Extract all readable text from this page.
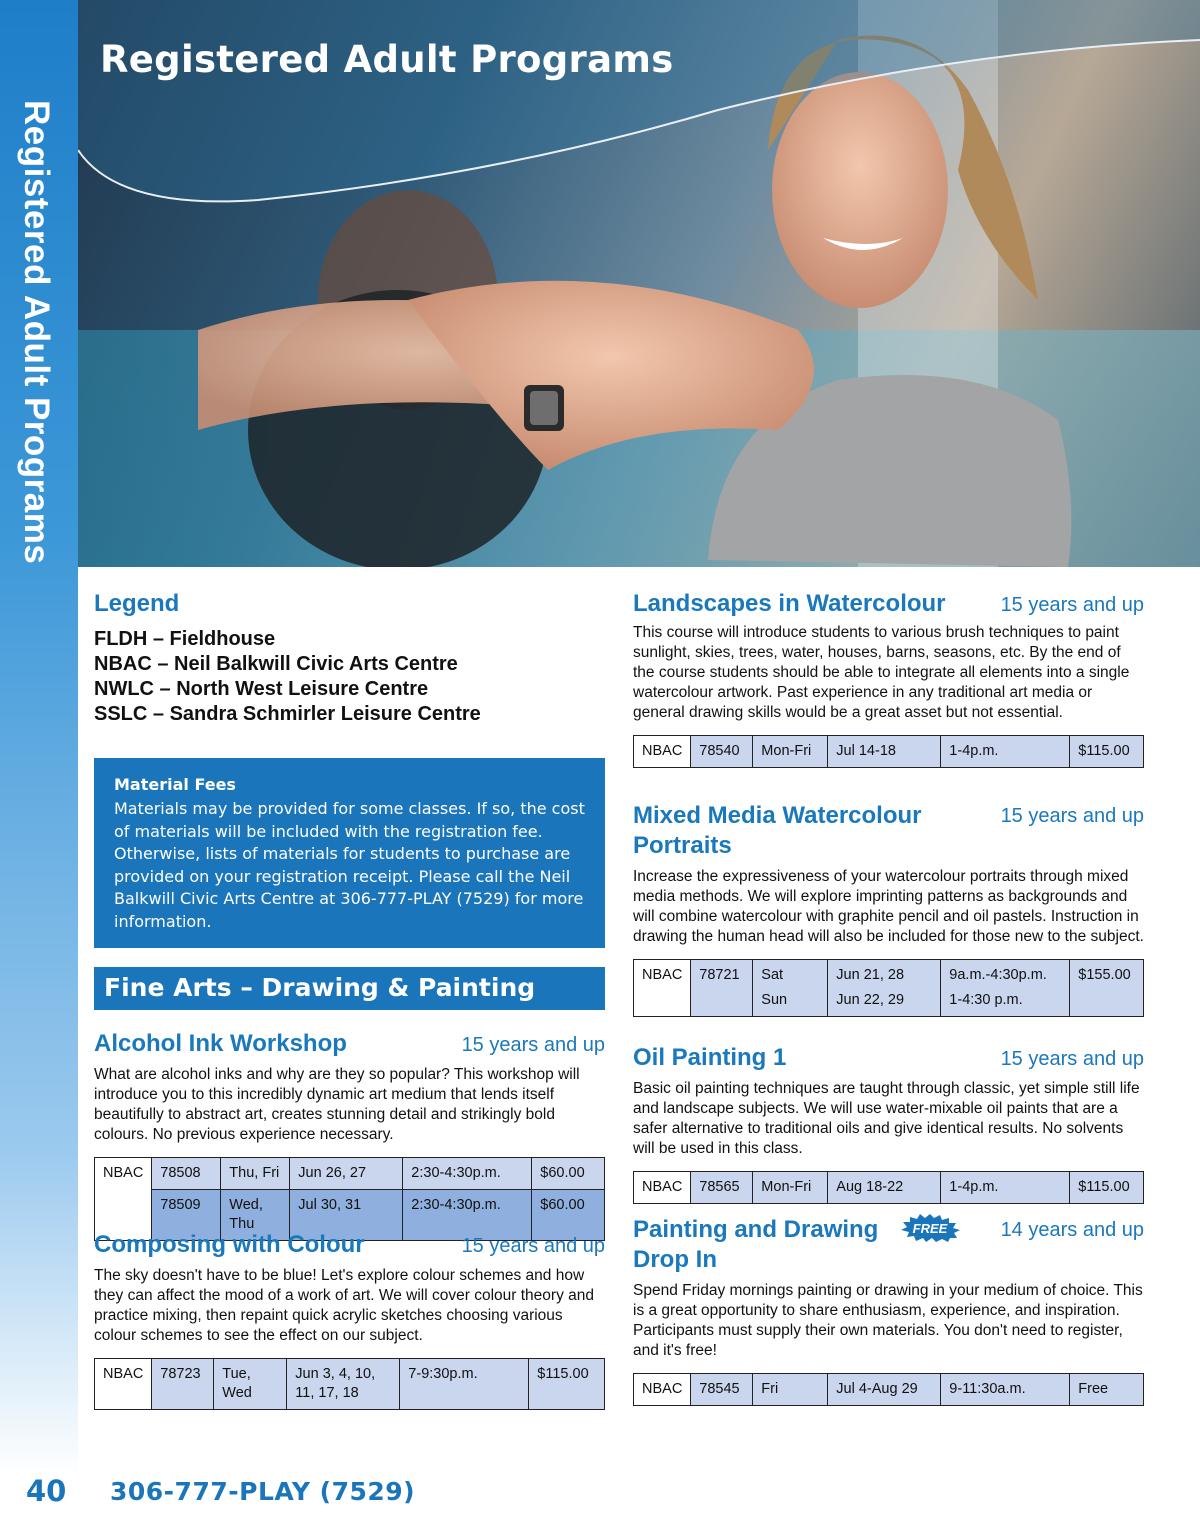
Registered Adult Programs
Registered Adult Programs
Legend
FLDH – Fieldhouse
NBAC – Neil Balkwill Civic Arts Centre
NWLC – North West Leisure Centre
SSLC – Sandra Schmirler Leisure Centre
Material Fees
Materials may be provided for some classes. If so, the cost of materials will be included with the registration fee. Otherwise, lists of materials for students to purchase are provided on your registration receipt. Please call the Neil Balkwill Civic Arts Centre at 306-777-PLAY (7529) for more information.
Fine Arts – Drawing & Painting
Alcohol Ink Workshop	15 years and up
What are alcohol inks and why are they so popular? This workshop will introduce you to this incredibly dynamic art medium that lends itself beautifully to abstract art, creates stunning detail and strikingly bold colours. No previous experience necessary.
NBAC	78508	Thu, Fri	Jun 26, 27	2:30-4:30p.m.	$60.00
	78509	Wed, Thu	Jul 30, 31	2:30-4:30p.m.	$60.00
Composing with Colour	15 years and up
The sky doesn't have to be blue! Let's explore colour schemes and how they can affect the mood of a work of art. We will cover colour theory and practice mixing, then repaint quick acrylic sketches choosing various colour schemes to see the effect on our subject.
NBAC	78723	Tue, Wed	Jun 3, 4, 10, 11, 17, 18	7-9:30p.m.	$115.00
Landscapes in Watercolour	15 years and up
This course will introduce students to various brush techniques to paint sunlight, skies, trees, water, houses, barns, seasons, etc. By the end of the course students should be able to integrate all elements into a single watercolour artwork. Past experience in any traditional art media or general drawing skills would be a great asset but not essential.
NBAC	78540	Mon-Fri	Jul 14-18	1-4p.m.	$115.00
Mixed Media Watercolour Portraits
15 years and up
Increase the expressiveness of your watercolour portraits through mixed media methods. We will explore imprinting patterns as backgrounds and will combine watercolour with graphite pencil and oil pastels. Instruction in drawing the human head will also be included for those new to the subject.
NBAC	78721	Sat	Jun 21, 28	9a.m.-4:30p.m.	$155.00
		Sun	Jun 22, 29	1-4:30 p.m.	
Oil Painting 1	15 years and up
Basic oil painting techniques are taught through classic, yet simple still life and landscape subjects. We will use water-mixable oil paints that are a safer alternative to traditional oils and give identical results. No solvents will be used in this class.
NBAC	78565	Mon-Fri	Aug 18-22	1-4p.m.	$115.00
Painting and Drawing Drop In
FREE	14 years and up
Spend Friday mornings painting or drawing in your medium of choice. This is a great opportunity to share enthusiasm, experience, and inspiration. Participants must supply their own materials. You don't need to register, and it's free!
NBAC	78545	Fri	Jul 4-Aug 29	9-11:30a.m.	Free
40 306-777-PLAY (7529)
